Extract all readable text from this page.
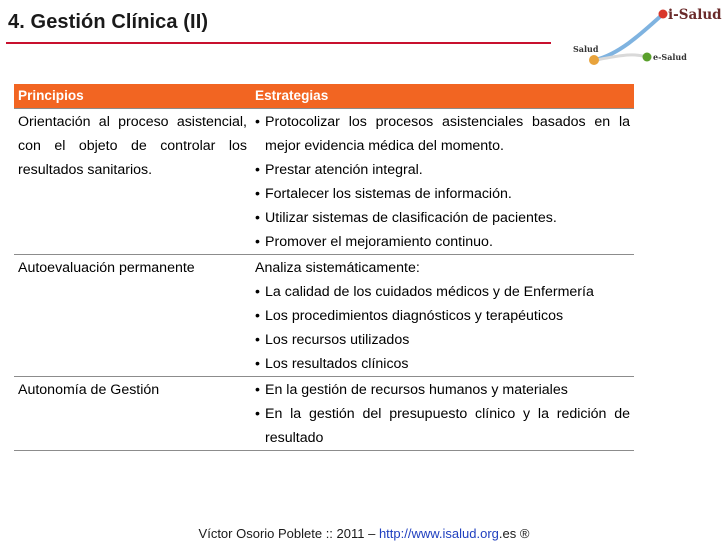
4. Gestión Clínica (II)	i-Salud
Salud
e-Salud
Principios	Estrategias
Orientación al proceso asistencial, con el objeto de controlar los resultados sanitarios.	• Protocolizar los procesos asistenciales basados en la mejor evidencia médica del momento.
• Prestar atención integral.
• Fortalecer los sistemas de información.
• Utilizar sistemas de clasificación de pacientes.
• Promover el mejoramiento continuo.

Autoevaluación permanente	Analiza sistemáticamente:
• La calidad de los cuidados médicos y de Enfermería
• Los procedimientos diagnósticos y terapéuticos
• Los recursos utilizados
• Los resultados clínicos

Autonomía de Gestión	• En la gestión de recursos humanos y materiales
• En la gestión del presupuesto clínico y la redición de resultado
Víctor Osorio Poblete :: 2011 – http://www.isalud.org.es ®
